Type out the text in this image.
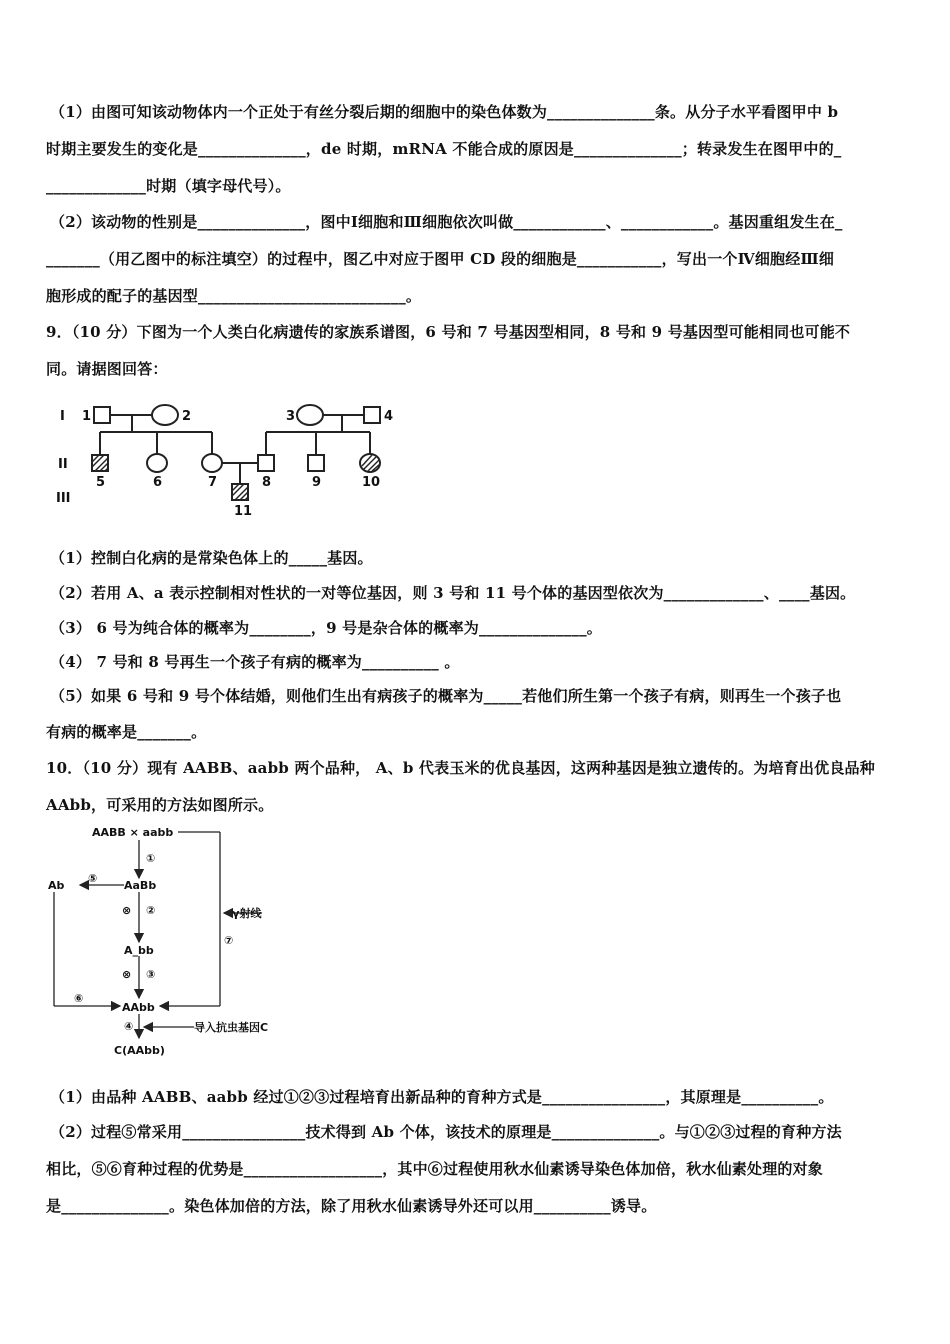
（1）由图可知该动物体内一个正处于有丝分裂后期的细胞中的染色体数为______________条。从分子水平看图甲中 b
时期主要发生的变化是______________，de 时期，mRNA 不能合成的原因是______________；转录发生在图甲中的_
_____________时期（填字母代号）。
（2）该动物的性别是______________，图中Ⅰ细胞和Ⅲ细胞依次叫做____________、____________。基因重组发生在_
_______（用乙图中的标注填空）的过程中，图乙中对应于图甲 CD 段的细胞是___________，写出一个Ⅳ细胞经Ⅲ细
胞形成的配子的基因型___________________________。
9．（10 分）下图为一个人类白化病遗传的家族系谱图，6 号和 7 号基因型相同，8 号和 9 号基因型可能相同也可能不
同。请据图回答：
I
II
III
1	2	3	4
5	6	7	8	9	10
11
（1）控制白化病的是常染色体上的_____基因。
（2）若用 A、a 表示控制相对性状的一对等位基因，则 3 号和 11 号个体的基因型依次为_____________、____基因。
（3） 6 号为纯合体的概率为________，9 号是杂合体的概率为______________。
（4） 7 号和 8 号再生一个孩子有病的概率为__________ 。
（5）如果 6 号和 9 号个体结婚，则他们生出有病孩子的概率为_____若他们所生第一个孩子有病，则再生一个孩子也
有病的概率是_______。
10．（10 分）现有 AABB、aabb 两个品种， A、b 代表玉米的优良基因，这两种基因是独立遗传的。为培育出优良品种
AAbb，可采用的方法如图所示。
AABB × aabb
AaBb
Ab
A_bb
AAbb
C(AAbb)
①
②
③
④
⑤
⑥
⑦
⊗
⊗
γ射线
导入抗虫基因C
（1）由品种 AABB、aabb 经过①②③过程培育出新品种的育种方式是________________，其原理是__________。
（2）过程⑤常采用________________技术得到 Ab 个体，该技术的原理是______________。与①②③过程的育种方法
相比，⑤⑥育种过程的优势是__________________，其中⑥过程使用秋水仙素诱导染色体加倍，秋水仙素处理的对象
是______________。染色体加倍的方法，除了用秋水仙素诱导外还可以用__________诱导。
